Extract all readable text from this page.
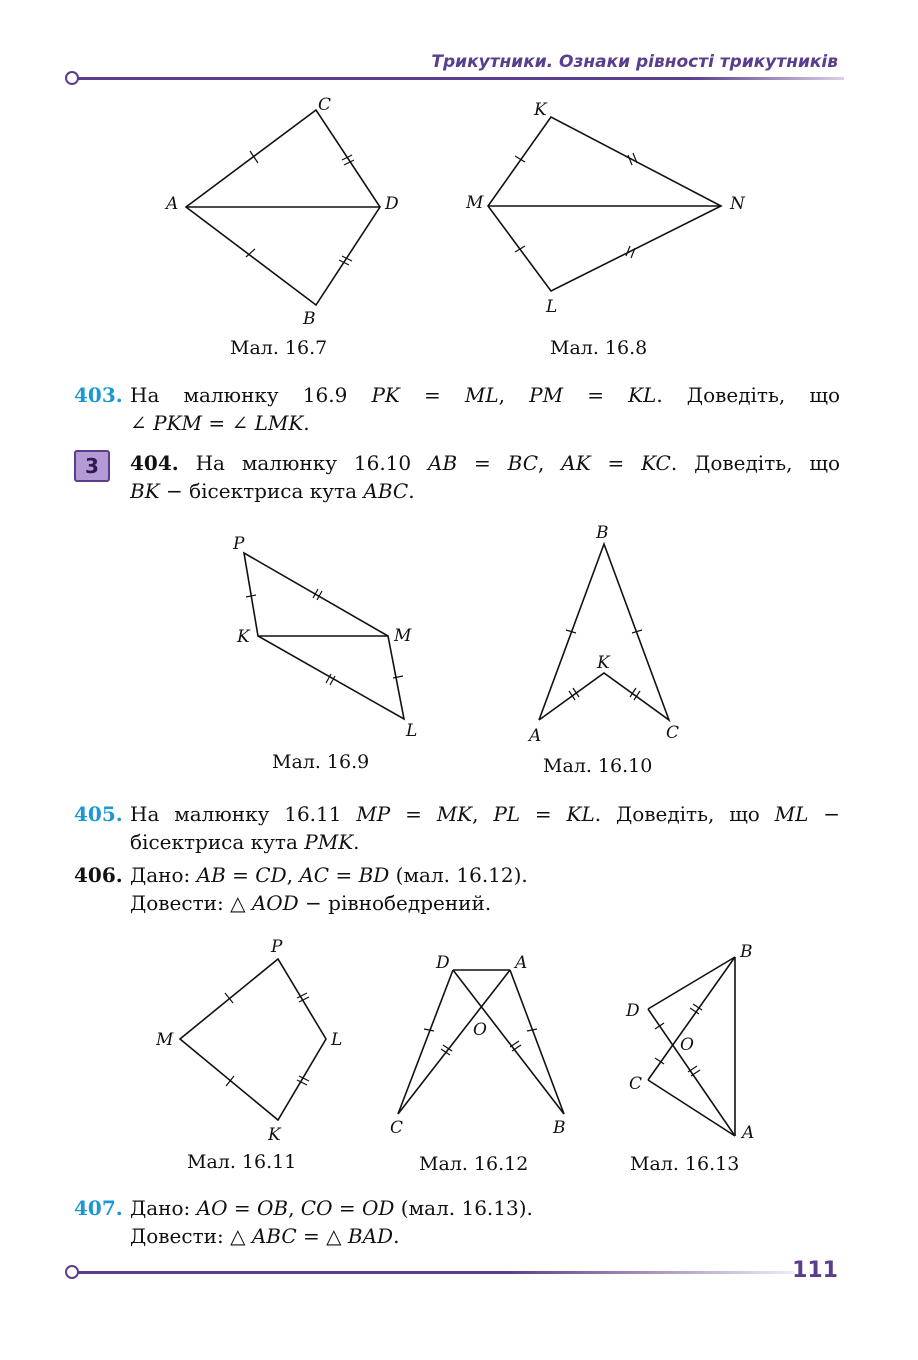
Трикутники. Ознаки рівності трикутників
C
A	D
B
Мал. 16.7
K
M	N
L
Мал. 16.8
403. На малюнку 16.9 PK = ML, PM = KL. Доведіть, що
∠ PKM = ∠ LMK.
3	404. На малюнку 16.10 AB = BC, AK = KC. Доведіть, що
BK − бісектриса кута ABC.
P
K	M
L
Мал. 16.9
B
K
A	C
Мал. 16.10
405. На малюнку 16.11 MP = MK, PL = KL. Доведіть, що ML −
бісектриса кута PMK.
406. Дано: AB = CD, AC = BD (мал. 16.12).
Довести: △ AOD − рівнобедрений.
P
M	L
K
Мал. 16.11
D	A
O
C	B
Мал. 16.12
B
D
O
C
A
Мал. 16.13
407. Дано: AO = OB, CO = OD (мал. 16.13).
Довести: △ ABC = △ BAD.
111
